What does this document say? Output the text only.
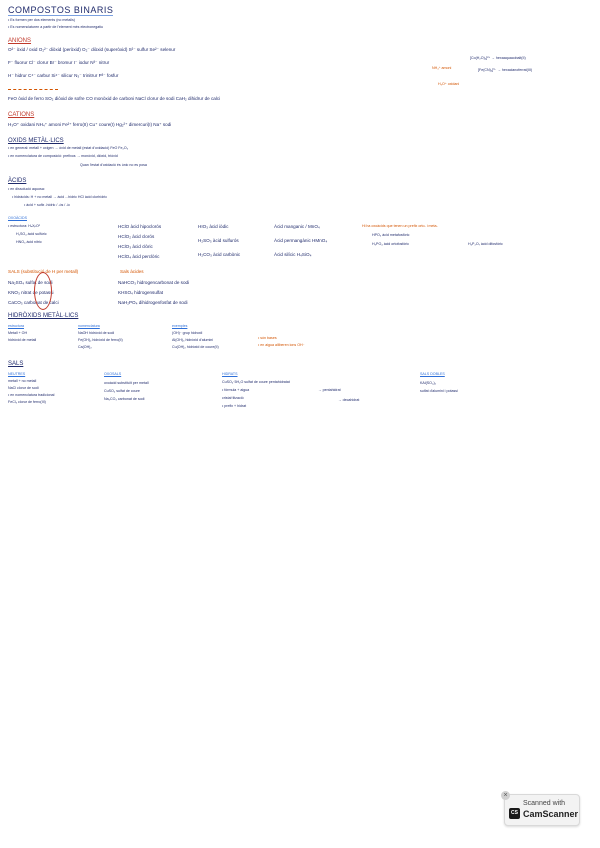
COMPOSTOS BINARIS
• Es formen per dos elements (no metalls)
• Es nomenclaturen a partir de l'element més electronegatiu
ANIONS
O²⁻ òxid / oxid O₂²⁻ diòxid (peròxid) O₂⁻ diòxid (superòxid) S²⁻ sulfur Se²⁻ selenur
F⁻ fluorur Cl⁻ clorur Br⁻ bromur I⁻ iodur N³⁻ nitrur
H⁻ hidrur C⁴⁻ carbur Si⁴⁻ silicur N₃⁻ trinitrur P³⁻ fosfur
[Co(H₂O)₆]²⁺ → hexaaquacobalt(II)
[Fe(CN)₆]³⁻ → hexacianoferrat(III)
NH₄⁺ amoni
H₃O⁺ oxidani
FeO òxid de ferro SO₂ diòxid de sofre CO monòxid de carboni NaCl clorur de sodi CaH₂ dihidrur de calci
CATIONS
H₃O⁺ oxidani NH₄⁺ amoni Fe²⁺ ferro(II) Cu⁺ coure(I) Hg₂²⁺ dimercuri(I) Na⁺ sodi
OXIDS METÀL·LICS
• en general: metall + oxigen → òxid de metall (estat d'oxidació) FeO Fe₂O₃
• en nomenclatura de composició: prefixos → monòxid, diòxid, triòxid
Quan l'estat d'oxidació és únic no es posa
ÀCIDS
• en dissolució aquosa:
• hidràcids: H + no metall → àcid ...hídric HCl àcid clorhídric
• àcid + sufix -hídric / -ós / -ic
OXOÀCIDS
• estructura: HₐXᵦOᶜ
H₂SO₄ àcid sulfúric
HNO₃ àcid nítric
HClO àcid hipoclorós
HClO₂ àcid clorós
HClO₃ àcid clòric
HClO₄ àcid perclòric
HIO₃ àcid iòdic
H₂SO₃ àcid sulfurós
H₂CO₃ àcid carbònic
Àcid manganic / MnO₄
Àcid permangànic HMnO₄
Àcid silícic H₄SiO₄
Hi ha oxoàcids que tenen un prefix orto- i meta-
HPO₃ àcid metafosfòric
H₃PO₄ àcid ortofosfòric	H₄P₂O₇ àcid difosfòric
SALS (substitució de H per metall)
Na₂SO₄ sulfat de sodi
KNO₃ nitrat de potassi
CaCO₃ carbonat de calci
Sals àcides
NaHCO₃ hidrogencarbonat de sodi
KHSO₄ hidrogensulfat
NaH₂PO₄ dihidrogenfosfat de sodi
HIDRÒXIDS METÀL·LICS
estructura
Metall + OH
hidròxid de metall
nomenclatura
NaOH hidròxid de sodi
Fe(OH)₂ hidròxid de ferro(II)
Ca(OH)₂
exemples
(OH)⁻ grup hidroxil
Al(OH)₃ hidròxid d'alumini
Cu(OH)₂ hidròxid de coure(II)
• són bases
• en aigua alliberen ions OH⁻
SALS
NEUTRES
metall + no metall
NaCl clorur de sodi
• en nomenclatura tradicional
FeCl₃ clorur de ferro(III)
OXOSALS
oxoàcid substituït per metall
CuSO₄ sulfat de coure
Na₂CO₃ carbonat de sodi
HIDRATS
CuSO₄·5H₂O sulfat de coure pentahidratat
• fórmula + aigua
cristal·lització
• prefix + hidrat
→ pentahidrat
→ decahidrat
SALS DOBLES
KAl(SO₄)₂
sulfat d'alumini i potassi
×
CS
Scanned with
CamScanner
